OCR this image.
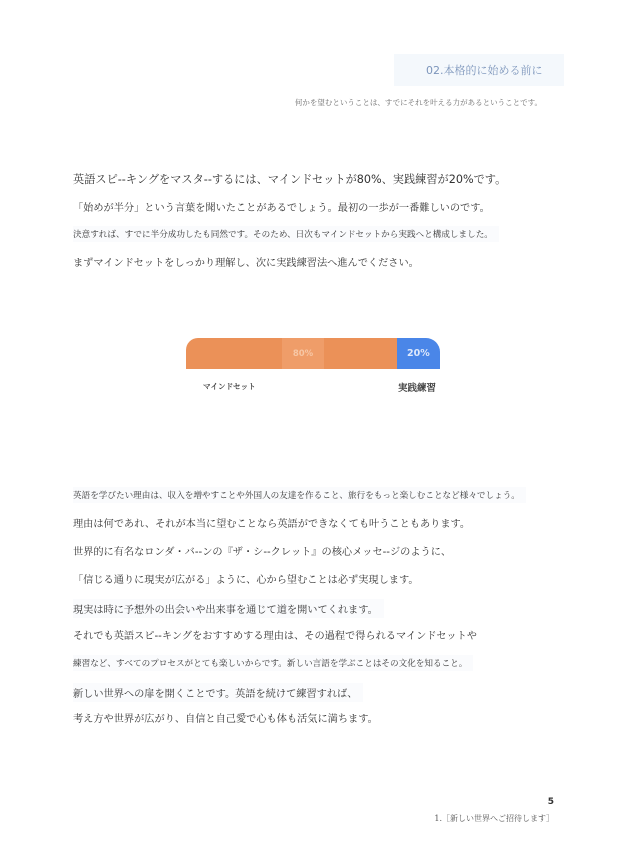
02.本格的に始める前に
何かを望むということは、すでにそれを叶える力があるということです。
英語スピ--キングをマスタ--するには、マインドセットが80%、実践練習が20%です。
「始めが半分」という言葉を聞いたことがあるでしょう。最初の一歩が一番難しいのです。
決意すれば、すでに半分成功したも同然です。そのため、日次もマインドセットから実践へと構成しました。
まずマインドセットをしっかり理解し、次に実践練習法へ進んでください。
80%	20%
マインドセット	実践練習
英語を学びたい理由は、収入を増やすことや外国人の友達を作ること、旅行をもっと楽しむことなど様々でしょう。
理由は何であれ、それが本当に望むことなら英語ができなくても叶うこともあります。
世界的に有名なロンダ・バ--ンの『ザ・シ--クレット』の核心メッセ--ジのように、
「信じる通りに現実が広がる」ように、心から望むことは必ず実現します。
現実は時に予想外の出会いや出来事を通じて道を開いてくれます。
それでも英語スピ--キングをおすすめする理由は、その過程で得られるマインドセットや
練習など、すべてのプロセスがとても楽しいからです。新しい言語を学ぶことはその文化を知ること。
新しい世界への扉を開くことです。英語を続けて練習すれば、
考え方や世界が広がり、自信と自己愛で心も体も活気に満ちます。
5
1.［新しい世界へご招待します］
